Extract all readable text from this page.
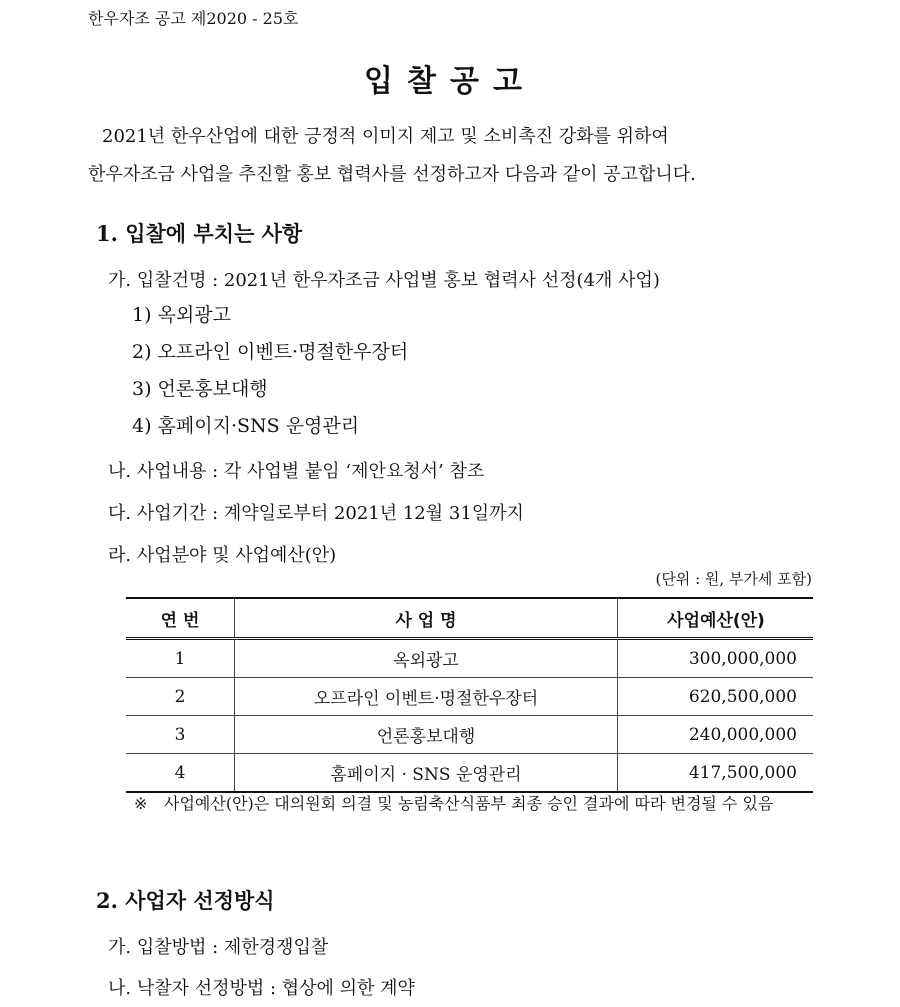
한우자조 공고 제2020 - 25호
입찰공고
2021년 한우산업에 대한 긍정적 이미지 제고 및 소비촉진 강화를 위하여
한우자조금 사업을 추진할 홍보 협력사를 선정하고자 다음과 같이 공고합니다.
1. 입찰에 부치는 사항
가. 입찰건명 : 2021년 한우자조금 사업별 홍보 협력사 선정(4개 사업)
1) 옥외광고
2) 오프라인 이벤트·명절한우장터
3) 언론홍보대행
4) 홈페이지·SNS 운영관리
나. 사업내용 : 각 사업별 붙임 ‘제안요청서’ 참조
다. 사업기간 : 계약일로부터 2021년 12월 31일까지
라. 사업분야 및 사업예산(안)
(단위 : 원, 부가세 포함)
연 번	사 업 명	사업예산(안)
1	옥외광고	300,000,000
2	오프라인 이벤트·명절한우장터	620,500,000
3	언론홍보대행	240,000,000
4	홈페이지 · SNS 운영관리	417,500,000
※ 사업예산(안)은 대의원회 의결 및 농림축산식품부 최종 승인 결과에 따라 변경될 수 있음
2. 사업자 선정방식
가. 입찰방법 : 제한경쟁입찰
나. 낙찰자 선정방법 : 협상에 의한 계약
